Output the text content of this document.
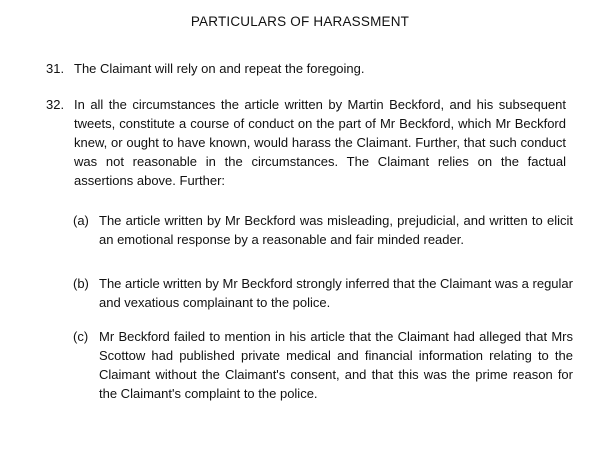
PARTICULARS OF HARASSMENT
31. The Claimant will rely on and repeat the foregoing.
32. In all the circumstances the article written by Martin Beckford, and his subsequent tweets, constitute a course of conduct on the part of Mr Beckford, which Mr Beckford knew, or ought to have known, would harass the Claimant. Further, that such conduct was not reasonable in the circumstances. The Claimant relies on the factual assertions above. Further:
(a) The article written by Mr Beckford was misleading, prejudicial, and written to elicit an emotional response by a reasonable and fair minded reader.
(b) The article written by Mr Beckford strongly inferred that the Claimant was a regular and vexatious complainant to the police.
(c) Mr Beckford failed to mention in his article that the Claimant had alleged that Mrs Scottow had published private medical and financial information relating to the Claimant without the Claimant's consent, and that this was the prime reason for the Claimant's complaint to the police.
